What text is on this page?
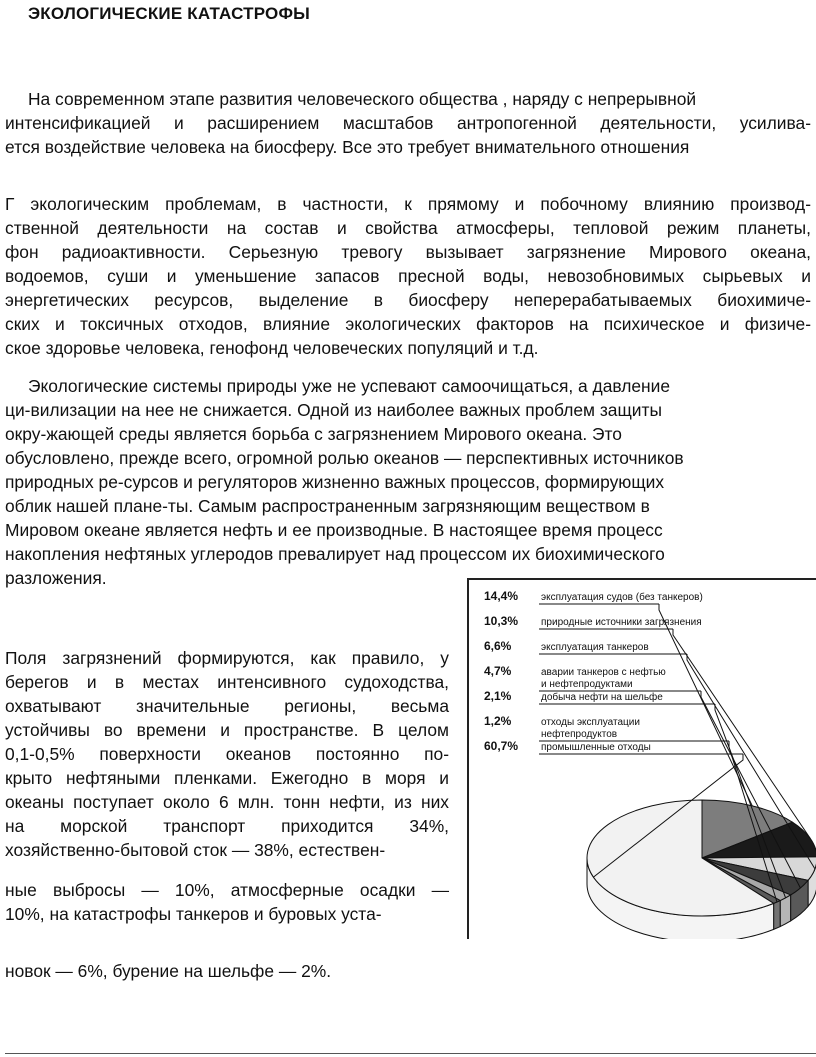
ЭКОЛОГИЧЕСКИЕ КАТАСТРОФЫ
На современном этапе развития человеческого общества , наряду с непрерывной
интенсификацией и расширением масштабов антропогенной деятельности, усилива-
ется воздействие человека на биосферу. Все это требует внимательного отношения
Г экологическим проблемам, в частности, к прямому и побочному влиянию производ-
ственной деятельности на состав и свойства атмосферы, тепловой режим планеты,
фон радиоактивности. Серьезную тревогу вызывает загрязнение Мирового океана,
водоемов, суши и уменьшение запасов пресной воды, невозобновимых сырьевых и
энергетических ресурсов, выделение в биосферу неперерабатываемых биохимиче-
ских и токсичных отходов, влияние экологических факторов на психическое и физиче-
ское здоровье человека, генофонд человеческих популяций и т.д.
Экологические системы природы уже не успевают самоочищаться, а давление
ци-вилизации на нее не снижается. Одной из наиболее важных проблем защиты
окру-жающей среды является борьба с загрязнением Мирового океана. Это
обусловлено, прежде всего, огромной ролью океанов — перспективных источников
природных ре-сурсов и регуляторов жизненно важных процессов, формирующих
облик нашей плане-ты. Самым распространенным загрязняющим веществом в
Мировом океане является нефть и ее производные. В настоящее время процесс
накопления нефтяных углеродов превалирует над процессом их биохимического
разложения.
Поля загрязнений формируются, как правило, у
берегов и в местах интенсивного судоходства,
охватывают значительные регионы, весьма
устойчивы во времени и пространстве. В целом
0,1-0,5% поверхности океанов постоянно по-
крыто нефтяными пленками. Ежегодно в моря и
океаны поступает около 6 млн. тонн нефти, из них
на морской транспорт приходится 34%,
хозяйственно-бытовой сток — 38%, естествен-
ные выбросы — 10%, атмосферные осадки —
10%, на катастрофы танкеров и буровых уста-
новок — 6%, бурение на шельфе — 2%.
14,4% эксплуатация судов (без танкеров)
10,3% природные источники загрязнения
6,6%	эксплуатация танкеров
4,7%	аварии танкеров с нефтью
и нефтепродуктами
2,1%	добыча нефти на шельфе
1,2%	отходы эксплуатации
нефтепродуктов
60,7% промышленные отходы
